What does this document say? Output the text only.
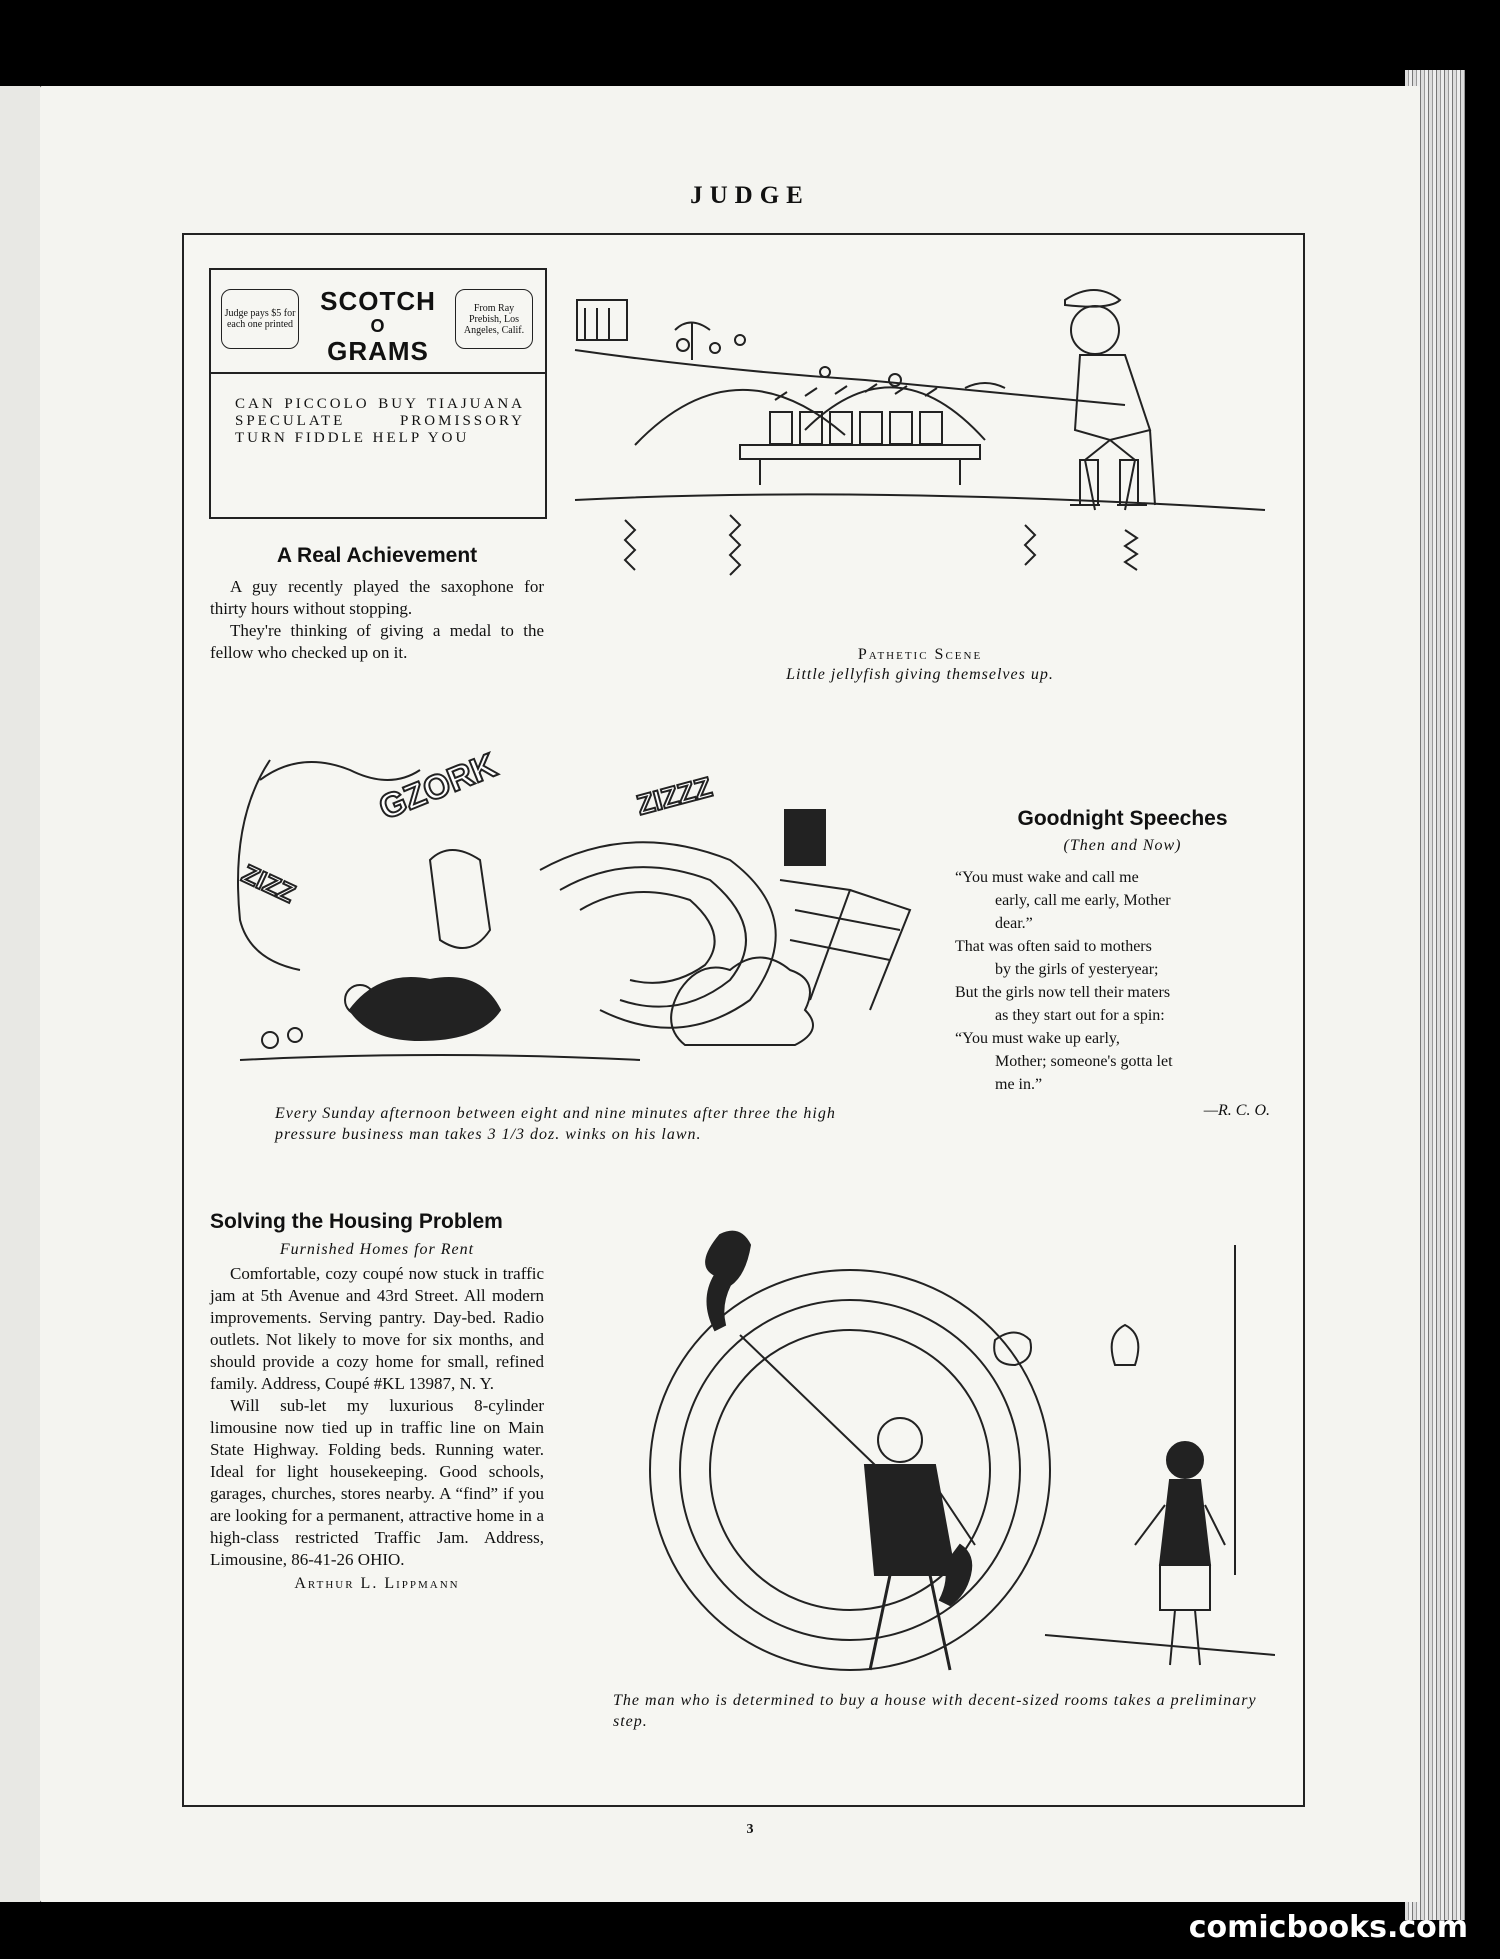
JUDGE
Judge pays $5 for each one printed
SCOTCH
O
GRAMS
From Ray Prebish, Los Angeles, Calif.
CAN PICCOLO BUY TIAJUANA SPECULATE PROMISSORY TURN FIDDLE HELP YOU
A Real Achievement

A guy recently played the saxophone for thirty hours without stopping.

They're thinking of giving a medal to the fellow who checked up on it.	Pathetic Scene
Little jellyfish giving themselves up.
GZORK	ZIZZZ
ZIZZ
Every Sunday afternoon between eight and nine minutes after three the high pressure business man takes 3 1/3 doz. winks on his lawn.
Goodnight Speeches
(Then and Now)
“You must wake and call me
early, call me early, Mother
dear.”
That was often said to mothers
by the girls of yesteryear;
But the girls now tell their maters
as they start out for a spin:
“You must wake up early,
Mother; someone's gotta let
me in.”
—R. C. O.
Solving the Housing Problem
Furnished Homes for Rent

Comfortable, cozy coupé now stuck in traffic jam at 5th Avenue and 43rd Street. All modern improvements. Serving pantry. Day-bed. Radio outlets. Not likely to move for six months, and should provide a cozy home for small, refined family. Address, Coupé #KL 13987, N. Y.

Will sub-let my luxurious 8-cylinder limousine now tied up in traffic line on Main State Highway. Folding beds. Running water. Ideal for light housekeeping. Good schools, garages, churches, stores nearby. A “find” if you are looking for a permanent, attractive home in a high-class restricted Traffic Jam. Address, Limousine, 86-41-26 OHIO.

Arthur L. Lippmann
The man who is determined to buy a house with decent-sized rooms takes a preliminary step.
3
comicbooks.com
